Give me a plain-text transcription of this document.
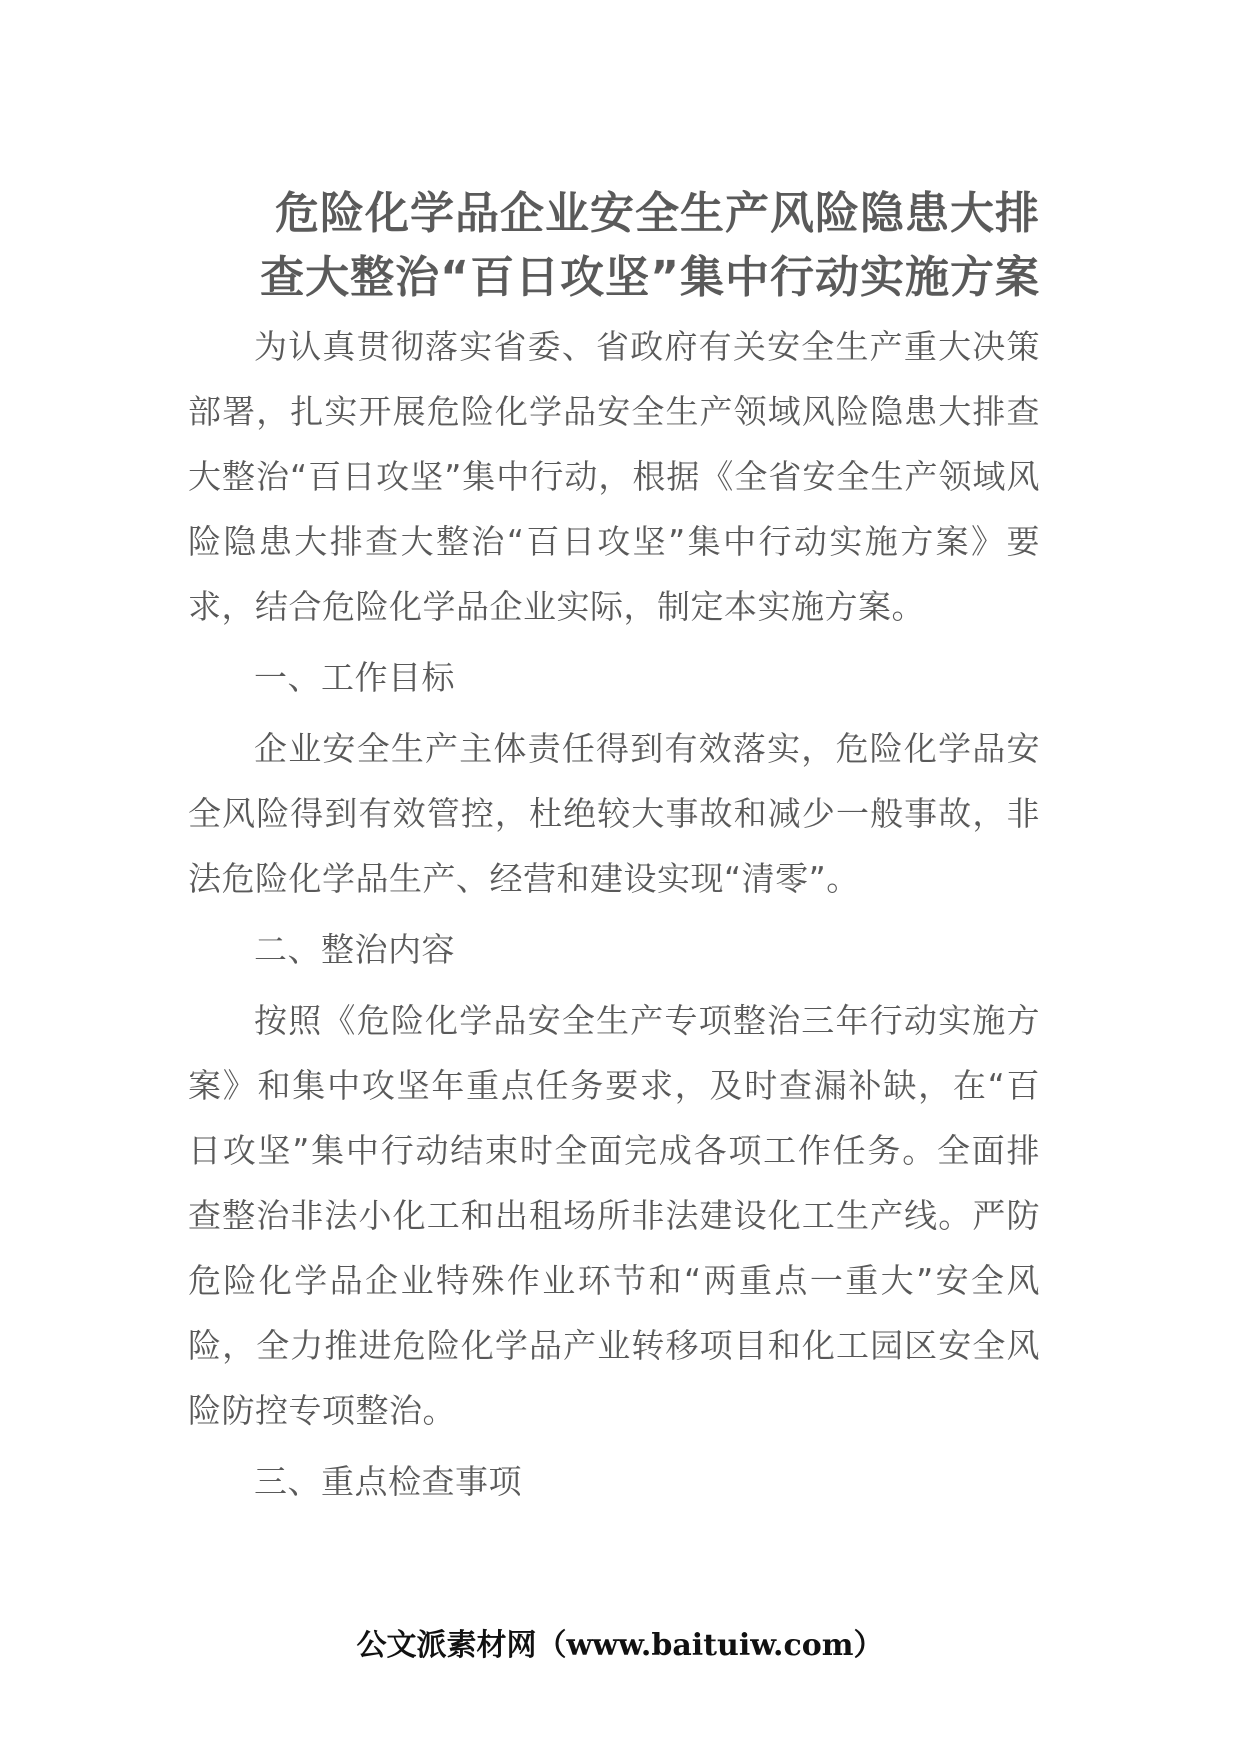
危险化学品企业安全生产风险隐患大排
查大整治“百日攻坚”集中行动实施方案

为认真贯彻落实省委、省政府有关安全生产重大决策部署，扎实开展危险化学品安全生产领域风险隐患大排查大整治“百日攻坚”集中行动，根据《全省安全生产领域风险隐患大排查大整治“百日攻坚”集中行动实施方案》要求，结合危险化学品企业实际，制定本实施方案。

一、工作目标

企业安全生产主体责任得到有效落实，危险化学品安全风险得到有效管控，杜绝较大事故和减少一般事故，非法危险化学品生产、经营和建设实现“清零”。

二、整治内容

按照《危险化学品安全生产专项整治三年行动实施方案》和集中攻坚年重点任务要求，及时查漏补缺，在“百日攻坚”集中行动结束时全面完成各项工作任务。全面排查整治非法小化工和出租场所非法建设化工生产线。严防危险化学品企业特殊作业环节和“两重点一重大”安全风险，全力推进危险化学品产业转移项目和化工园区安全风险防控专项整治。

三、重点检查事项

公文派素材网（www.baituiw.com）
